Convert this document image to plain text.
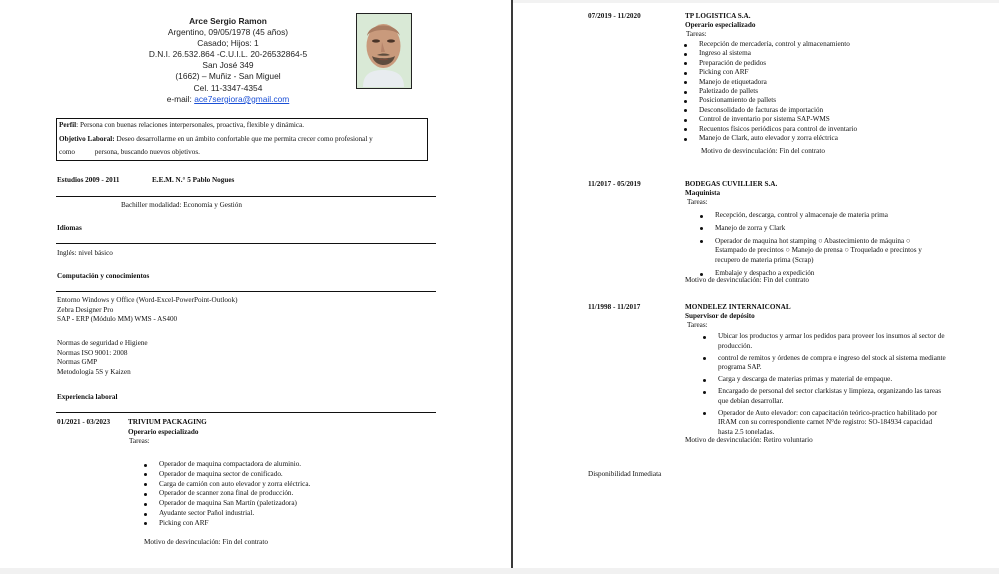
Arce Sergio Ramon
Argentino, 09/05/1978 (45 años)
Casado; Hijos: 1
D.N.I. 26.532.864 -C.U.I.L. 20-26532864-5
San José 349
(1662) – Muñiz - San Miguel
Cel. 11-3347-4354
e-mail: ace7sergiora@gmail.com
Perfil: Persona con buenas relaciones interpersonales, proactiva, flexible y dinámica.
Objetivo Laboral: Deseo desarrollarme en un ámbito confortable que me permita crecer como profesional y
como	persona, buscando nuevos objetivos.
Estudios 2009 - 2011	E.E.M. N.° 5 Pablo Nogues
Bachiller modalidad: Economía y Gestión
Idiomas
Inglés: nivel básico
Computación y conocimientos
Entorno Windows y Office (Word-Excel-PowerPoint-Outlook)
Zebra Designer Pro
SAP - ERP (Módulo MM) WMS - AS400
Normas de seguridad e Higiene
Normas ISO 9001: 2008
Normas GMP
Metodología 5S y Kaizen
Experiencia laboral
01/2021 - 03/2023 TRIVIUM PACKAGING
Operario especializado
Tareas:
Operador de maquina compactadora de aluminio.
Operador de maquina sector de conificado.
Carga de camión con auto elevador y zorra eléctrica.
Operador de scanner zona final de producción.
Operador de maquina San Martín (paletizadora)
Ayudante sector Pañol industrial.
Picking con ARF
Motivo de desvinculación: Fin del contrato
07/2019 - 11/2020	TP LOGISTICA S.A.
Operario especializado
Tareas:
Recepción de mercadería, control y almacenamiento
Ingreso al sistema
Preparación de pedidos
Picking con ARF
Manejo de etiquetadora
Paletizado de pallets
Posicionamiento de pallets
Desconsolidado de facturas de importación
Control de inventario por sistema SAP-WMS
Recuentos físicos periódicos para control de inventario
Manejo de Clark, auto elevador y zorra eléctrica
Motivo de desvinculación: Fin del contrato
11/2017 - 05/2019	BODEGAS CUVILLIER S.A.
Maquinista
Tareas:
Recepción, descarga, control y almacenaje de materia prima
Manejo de zorra y Clark
Operador de maquina hot stamping ○ Abastecimiento de máquina ○ Estampado de precintos ○ Manejo de prensa ○ Troquelado e precintos y recupero de materia prima (Scrap)
Embalaje y despacho a expedición
Motivo de desvinculación: Fin del contrato
11/1998 - 11/2017	MONDELEZ INTERNAICONAL
Supervisor de depósito
Tareas:
Ubicar los productos y armar los pedidos para proveer los insumos al sector de producción.
control de remitos y órdenes de compra e ingreso del stock al sistema mediante programa SAP.
Carga y descarga de materias primas y material de empaque.
Encargado de personal del sector clarkistas y limpieza, organizando las tareas que debían desarrollar.
Operador de Auto elevador: con capacitación teórico-practico habilitado por IRAM con su correspondiente carnet N°de registro: SO-184934 capacidad hasta 2.5 toneladas.
Motivo de desvinculación: Retiro voluntario
Disponibilidad Inmediata
